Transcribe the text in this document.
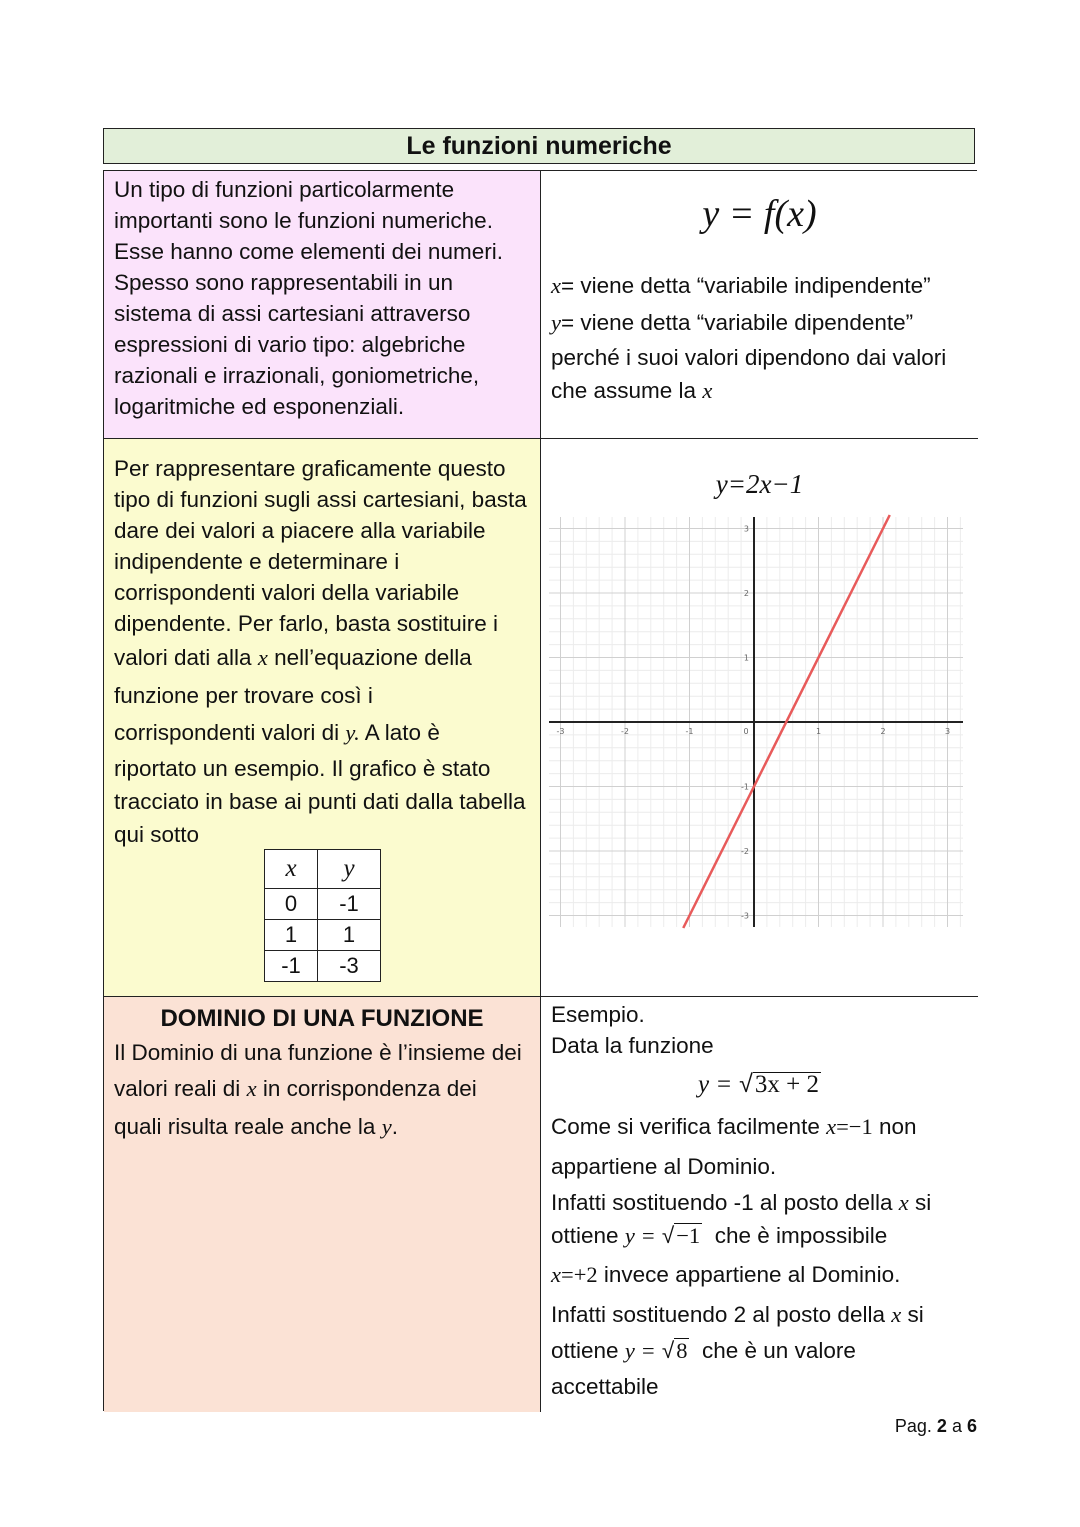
Le funzioni numeriche

Un tipo di funzioni particolarmente importanti sono le funzioni numeriche. Esse hanno come elementi dei numeri. Spesso sono rappresentabili in un sistema di assi cartesiani attraverso espressioni di vario tipo: algebriche razionali e irrazionali, goniometriche, logaritmiche ed esponenziali.

y = f(x)

x= viene detta “variabile indipendente”

y= viene detta “variabile dipendente”

perché i suoi valori dipendono dai valori che assume la x

Per rappresentare graficamente questo tipo di funzioni sugli assi cartesiani, basta dare dei valori a piacere alla variabile indipendente e determinare i corrispondenti valori della variabile dipendente. Per farlo, basta sostituire i

valori dati alla x nell’equazione della

funzione per trovare così i

corrispondenti valori di y. A lato è

riportato un esempio. Il grafico è stato tracciato in base ai punti dati dalla tabella qui sotto

x	y
0	-1
1	1
-1	-3
y=2x−1
-3	-2	-1	0	1	2	3
3
2
1
-1
-2
-3
DOMINIO DI UNA FUNZIONE

Il Dominio di una funzione è l’insieme dei valori reali di x in corrispondenza dei

quali risulta reale anche la y.

Esempio.

Data la funzione

y = √3x + 2

Come si verifica facilmente x=−1 non

appartiene al Dominio.

Infatti sostituendo -1 al posto della x si

ottiene y = √−1 che è impossibile

x=+2 invece appartiene al Dominio.

Infatti sostituendo 2 al posto della x si

ottiene y = √8 che è un valore

accettabile

Pag. 2 a 6
